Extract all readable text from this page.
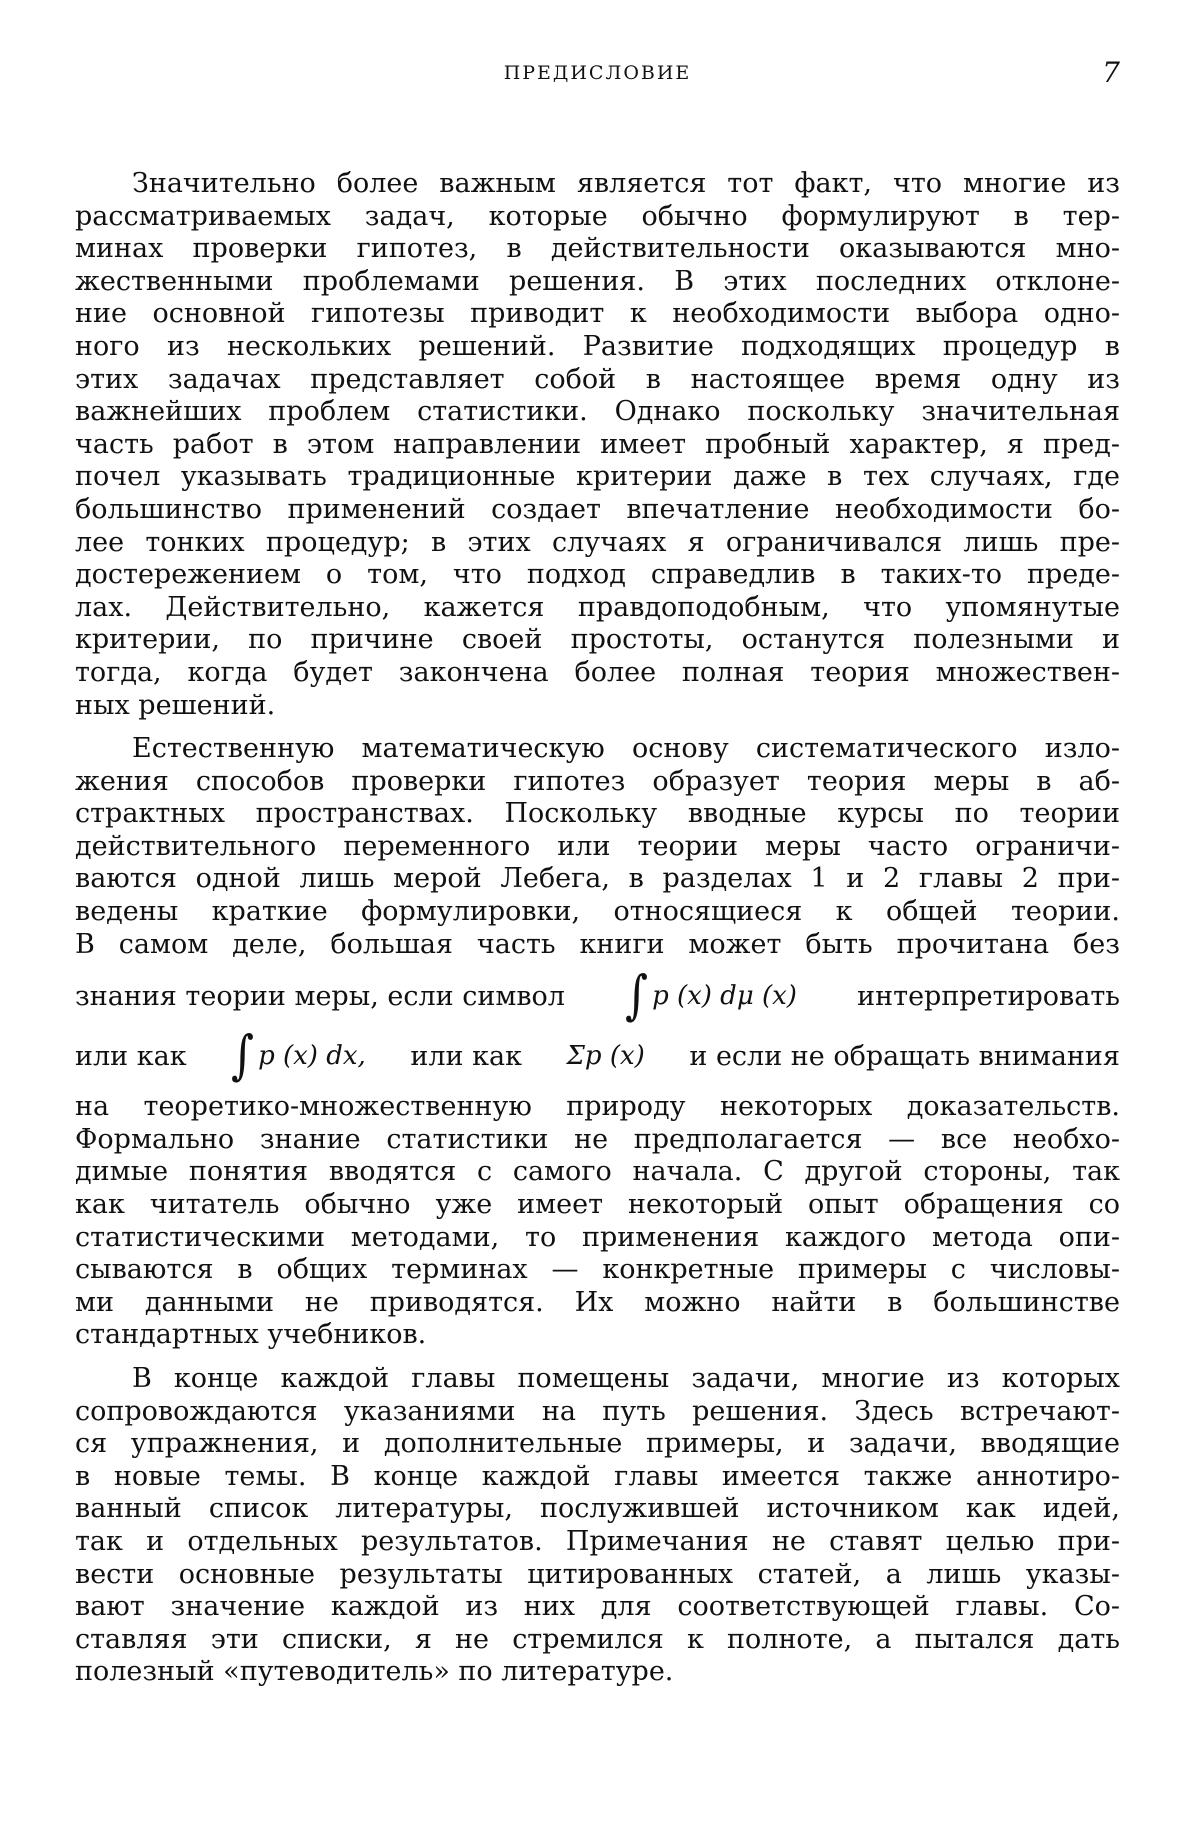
ПРЕДИСЛОВИЕ	7
Значительно более важным является тот факт, что многие из
рассматриваемых задач, которые обычно формулируют в тер-
минах проверки гипотез, в действительности оказываются мно-
жественными проблемами решения. В этих последних отклоне-
ние основной гипотезы приводит к необходимости выбора одно-
ного из нескольких решений. Развитие подходящих процедур в
этих задачах представляет собой в настоящее время одну из
важнейших проблем статистики. Однако поскольку значительная
часть работ в этом направлении имеет пробный характер, я пред-
почел указывать традиционные критерии даже в тех случаях, где
большинство применений создает впечатление необходимости бо-
лее тонких процедур; в этих случаях я ограничивался лишь пре-
достережением о том, что подход справедлив в таких-то преде-
лах. Действительно, кажется правдоподобным, что упомянутые
критерии, по причине своей простоты, останутся полезными и
тогда, когда будет закончена более полная теория множествен-
ных решений.
Естественную математическую основу систематического изло-
жения способов проверки гипотез образует теория меры в аб-
страктных пространствах. Поскольку вводные курсы по теории
действительного переменного или теории меры часто ограничи-
ваются одной лишь мерой Лебега, в разделах 1 и 2 главы 2 при-
ведены краткие формулировки, относящиеся к общей теории.
В самом деле, большая часть книги может быть прочитана без
знания теории меры, если символ ∫ p (x) dμ (x) интерпретировать
или как ∫ p (x) dx, или как Σp (x) и если не обращать внимания
на теоретико-множественную природу некоторых доказательств.
Формально знание статистики не предполагается — все необхо-
димые понятия вводятся с самого начала. С другой стороны, так
как читатель обычно уже имеет некоторый опыт обращения со
статистическими методами, то применения каждого метода опи-
сываются в общих терминах — конкретные примеры с числовы-
ми данными не приводятся. Их можно найти в большинстве
стандартных учебников.
В конце каждой главы помещены задачи, многие из которых
сопровождаются указаниями на путь решения. Здесь встречают-
ся упражнения, и дополнительные примеры, и задачи, вводящие
в новые темы. В конце каждой главы имеется также аннотиро-
ванный список литературы, послужившей источником как идей,
так и отдельных результатов. Примечания не ставят целью при-
вести основные результаты цитированных статей, а лишь указы-
вают значение каждой из них для соответствующей главы. Со-
ставляя эти списки, я не стремился к полноте, а пытался дать
полезный «путеводитель» по литературе.
